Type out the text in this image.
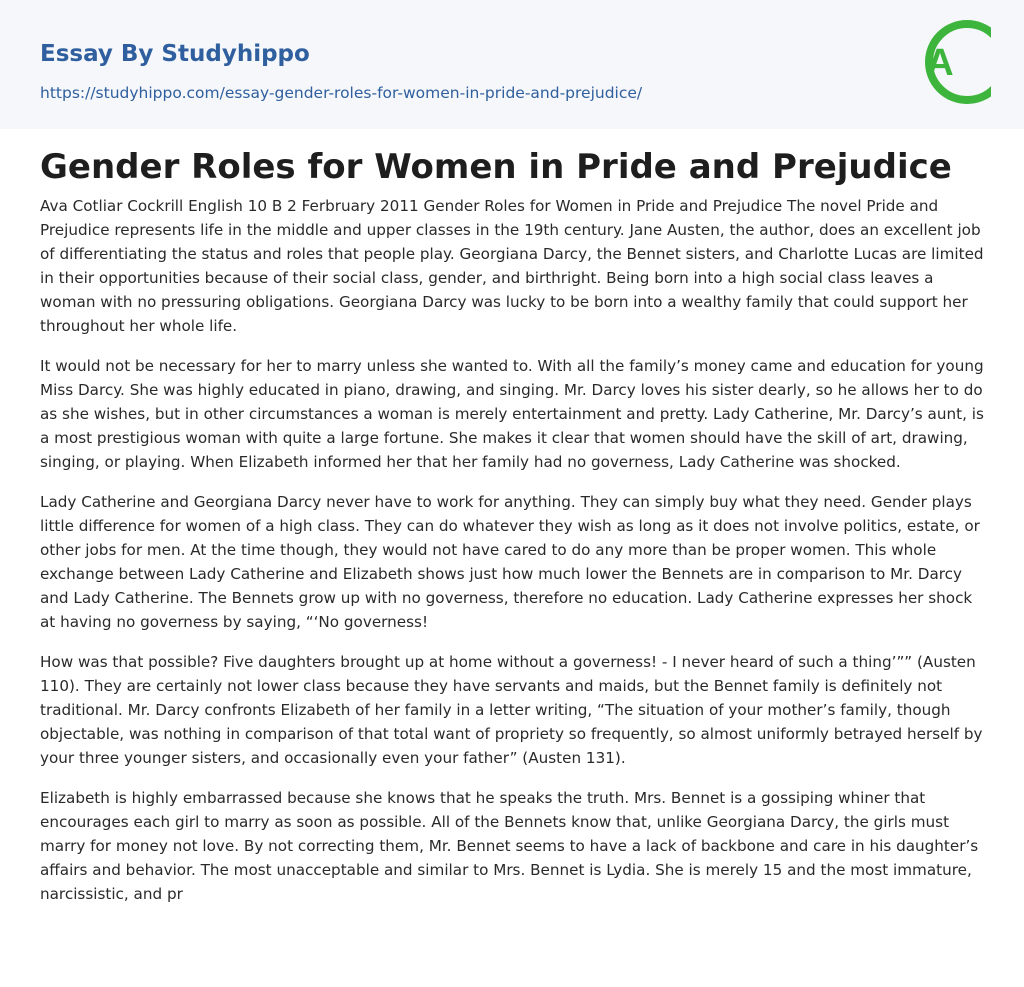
Essay By Studyhippo
https://studyhippo.com/essay-gender-roles-for-women-in-pride-and-prejudice/
A
Gender Roles for Women in Pride and Prejudice

Ava Cotliar Cockrill English 10 B 2 Ferbruary 2011 Gender Roles for Women in Pride and Prejudice The novel Pride and Prejudice represents life in the middle and upper classes in the 19th century. Jane Austen, the author, does an excellent job of differentiating the status and roles that people play. Georgiana Darcy, the Bennet sisters, and Charlotte Lucas are limited in their opportunities because of their social class, gender, and birthright. Being born into a high social class leaves a woman with no pressuring obligations. Georgiana Darcy was lucky to be born into a wealthy family that could support her throughout her whole life.

It would not be necessary for her to marry unless she wanted to. With all the family’s money came and education for young Miss Darcy. She was highly educated in piano, drawing, and singing. Mr. Darcy loves his sister dearly, so he allows her to do as she wishes, but in other circumstances a woman is merely entertainment and pretty. Lady Catherine, Mr. Darcy’s aunt, is a most prestigious woman with quite a large fortune. She makes it clear that women should have the skill of art, drawing, singing, or playing. When Elizabeth informed her that her family had no governess, Lady Catherine was shocked.

Lady Catherine and Georgiana Darcy never have to work for anything. They can simply buy what they need. Gender plays little difference for women of a high class. They can do whatever they wish as long as it does not involve politics, estate, or other jobs for men. At the time though, they would not have cared to do any more than be proper women. This whole exchange between Lady Catherine and Elizabeth shows just how much lower the Bennets are in comparison to Mr. Darcy and Lady Catherine. The Bennets grow up with no governess, therefore no education. Lady Catherine expresses her shock at having no governess by saying, “‘No governess!

How was that possible? Five daughters brought up at home without a governess! - I never heard of such a thing’”” (Austen 110). They are certainly not lower class because they have servants and maids, but the Bennet family is definitely not traditional. Mr. Darcy confronts Elizabeth of her family in a letter writing, “The situation of your mother’s family, though objectable, was nothing in comparison of that total want of propriety so frequently, so almost uniformly betrayed herself by your three younger sisters, and occasionally even your father” (Austen 131).

Elizabeth is highly embarrassed because she knows that he speaks the truth. Mrs. Bennet is a gossiping whiner that encourages each girl to marry as soon as possible. All of the Bennets know that, unlike Georgiana Darcy, the girls must marry for money not love. By not correcting them, Mr. Bennet seems to have a lack of backbone and care in his daughter’s affairs and behavior. The most unacceptable and similar to Mrs. Bennet is Lydia. She is merely 15 and the most immature, narcissistic, and pr
